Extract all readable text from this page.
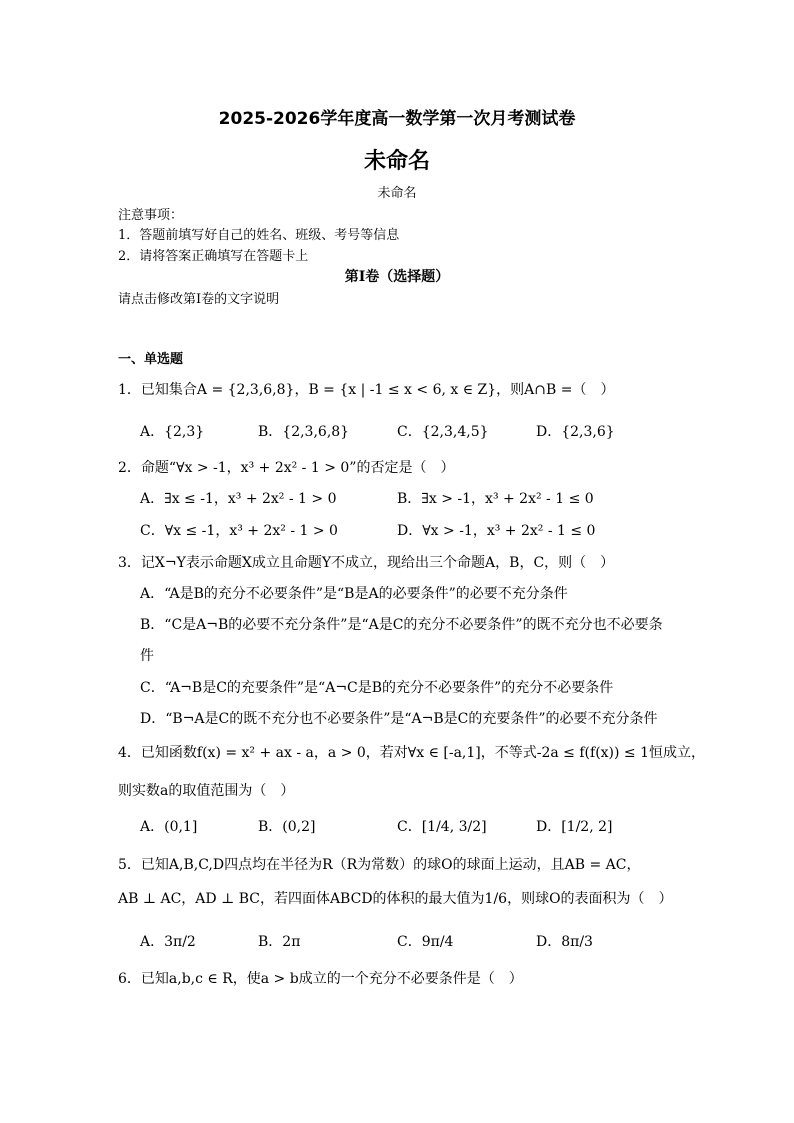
2025-2026学年度高一数学第一次月考测试卷
未命名
未命名
注意事项：
1．答题前填写好自己的姓名、班级、考号等信息
2．请将答案正确填写在答题卡上
第I卷（选择题）
请点击修改第I卷的文字说明
一、单选题
1．已知集合A = {2,3,6,8}，B = {x | -1 ≤ x < 6, x ∈ Z}，则A∩B =（　）
A．{2,3}	B．{2,3,6,8}	C．{2,3,4,5}	D．{2,3,6}
2．命题“∀x > -1，x³ + 2x² - 1 > 0”的否定是（　）
A．∃x ≤ -1，x³ + 2x² - 1 > 0	B．∃x > -1，x³ + 2x² - 1 ≤ 0
C．∀x ≤ -1，x³ + 2x² - 1 > 0	D．∀x > -1，x³ + 2x² - 1 ≤ 0
3．记X¬Y表示命题X成立且命题Y不成立，现给出三个命题A，B，C，则（　）
A．“A是B的充分不必要条件”是“B是A的必要条件”的必要不充分条件
B．“C是A¬B的必要不充分条件”是“A是C的充分不必要条件”的既不充分也不必要条
件
C．“A¬B是C的充要条件”是“A¬C是B的充分不必要条件”的充分不必要条件
D．“B¬A是C的既不充分也不必要条件”是“A¬B是C的充要条件”的必要不充分条件
4．已知函数f(x) = x² + ax - a，a > 0，若对∀x ∈ [-a,1]，不等式-2a ≤ f(f(x)) ≤ 1恒成立，
则实数a的取值范围为（　）
A．(0,1]	B．(0,2]	C．[1/4, 3/2]	D．[1/2, 2]
5．已知A,B,C,D四点均在半径为R（R为常数）的球O的球面上运动，且AB = AC，
AB ⊥ AC，AD ⊥ BC，若四面体ABCD的体积的最大值为1/6，则球O的表面积为（　）
A．3π/2	B．2π	C．9π/4	D．8π/3
6．已知a,b,c ∈ R，使a > b成立的一个充分不必要条件是（　）
